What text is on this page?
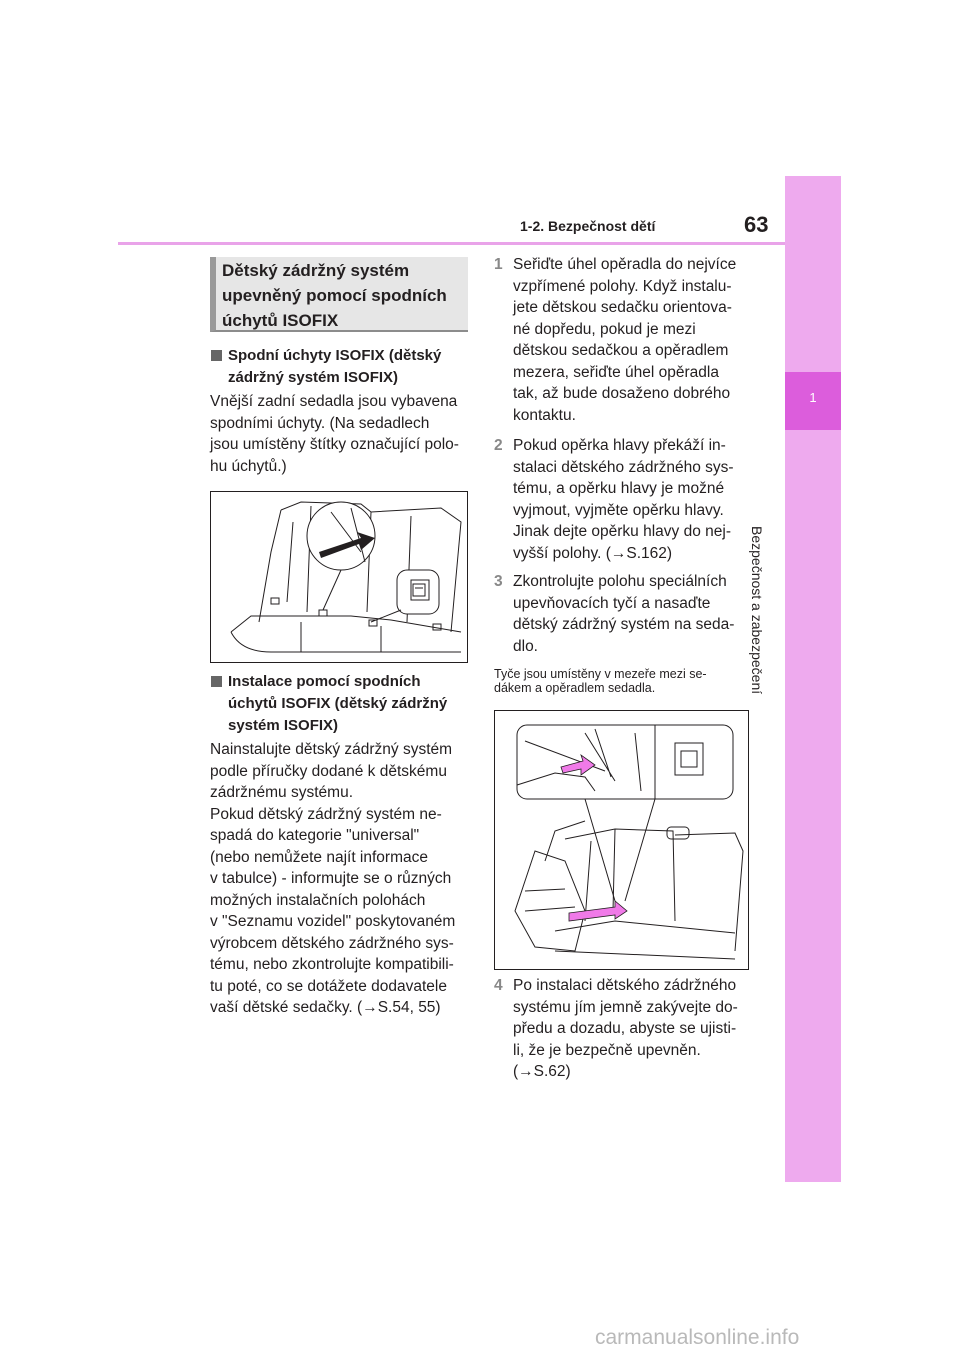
1-2. Bezpečnost dětí	63
1
Bezpečnost a zabezpečení
Dětský zádržný systém
upevněný pomocí spodních
úchytů ISOFIX
Spodní úchyty ISOFIX (dětský
zádržný systém ISOFIX)
Vnější zadní sedadla jsou vybavena
spodními úchyty. (Na sedadlech
jsou umístěny štítky označující polo-
hu úchytů.)
Instalace pomocí spodních
úchytů ISOFIX (dětský zádržný
systém ISOFIX)
Nainstalujte dětský zádržný systém
podle příručky dodané k dětskému
zádržnému systému.
Pokud dětský zádržný systém ne-
spadá do kategorie "universal"
(nebo nemůžete najít informace
v tabulce) - informujte se o různých
možných instalačních polohách
v "Seznamu vozidel" poskytovaném
výrobcem dětského zádržného sys-
tému, nebo zkontrolujte kompatibili-
tu poté, co se dotážete dodavatele
vaší dětské sedačky. (→S.54, 55)
1 Seřiďte úhel opěradla do nejvíce
vzpřímené polohy. Když instalu-
jete dětskou sedačku orientova-
né dopředu, pokud je mezi
dětskou sedačkou a opěradlem
mezera, seřiďte úhel opěradla
tak, až bude dosaženo dobrého
kontaktu.
2 Pokud opěrka hlavy překáží in-
stalaci dětského zádržného sys-
tému, a opěrku hlavy je možné
vyjmout, vyjměte opěrku hlavy.
Jinak dejte opěrku hlavy do nej-
vyšší polohy. (→S.162)
3 Zkontrolujte polohu speciálních
upevňovacích tyčí a nasaďte
dětský zádržný systém na seda-
dlo.
Tyče jsou umístěny v mezeře mezi se-
dákem a opěradlem sedadla.
4 Po instalaci dětského zádržného
systému jím jemně zakývejte do-
předu a dozadu, abyste se ujisti-
li, že je bezpečně upevněn.
(→S.62)
carmanualsonline.info
